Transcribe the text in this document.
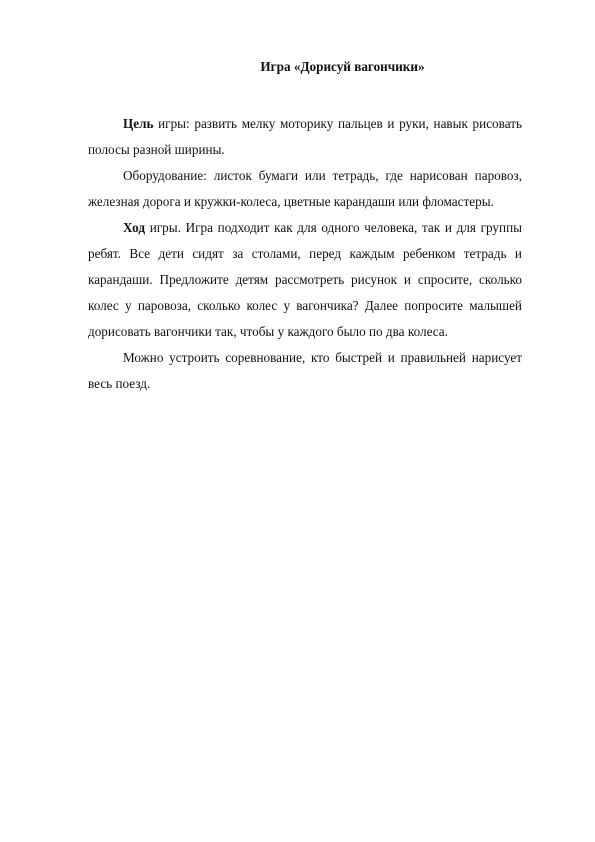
Игра «Дорисуй вагончики»

Цель игры: развить мелку моторику пальцев и руки, навык рисовать полосы разной ширины.

Оборудование: листок бумаги или тетрадь, где нарисован паровоз, железная дорога и кружки-колеса, цветные карандаши или фломастеры.

Ход игры. Игра подходит как для одного человека, так и для группы ребят. Все дети сидят за столами, перед каждым ребенком тетрадь и карандаши. Предложите детям рассмотреть рисунок и спросите, сколько колес у паровоза, сколько колес у вагончика? Далее попросите малышей дорисовать вагончики так, чтобы у каждого было по два колеса.

Можно устроить соревнование, кто быстрей и правильней нарисует весь поезд.
